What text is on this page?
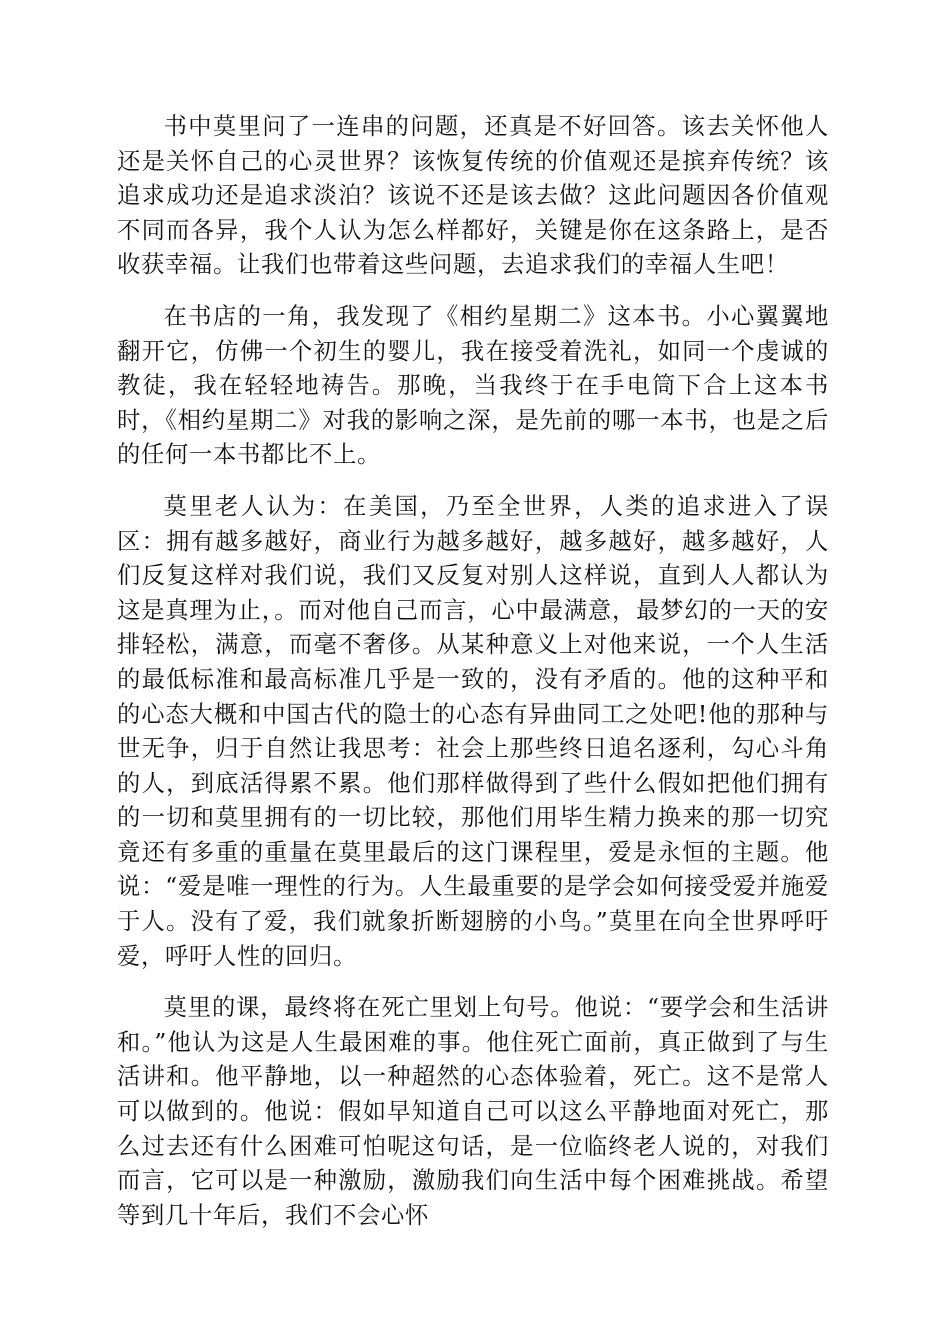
书中莫里问了一连串的问题，还真是不好回答。该去关怀他人还是关怀自己的心灵世界？该恢复传统的价值观还是摈弃传统？该追求成功还是追求淡泊？该说不还是该去做？这此问题因各价值观不同而各异，我个人认为怎么样都好，关键是你在这条路上，是否收获幸福。让我们也带着这些问题，去追求我们的幸福人生吧！

在书店的一角，我发现了《相约星期二》这本书。小心翼翼地翻开它，仿佛一个初生的婴儿，我在接受着洗礼，如同一个虔诚的教徒，我在轻轻地祷告。那晚，当我终于在手电筒下合上这本书时，《相约星期二》对我的影响之深，是先前的哪一本书，也是之后的任何一本书都比不上。

莫里老人认为：在美国，乃至全世界，人类的追求进入了误区：拥有越多越好，商业行为越多越好，越多越好，越多越好，人们反复这样对我们说，我们又反复对别人这样说，直到人人都认为这是真理为止，。而对他自己而言，心中最满意，最梦幻的一天的安排轻松，满意，而毫不奢侈。从某种意义上对他来说，一个人生活的最低标准和最高标准几乎是一致的，没有矛盾的。他的这种平和的心态大概和中国古代的隐士的心态有异曲同工之处吧!他的那种与世无争，归于自然让我思考：社会上那些终日追名逐利，勾心斗角的人，到底活得累不累。他们那样做得到了些什么假如把他们拥有的一切和莫里拥有的一切比较，那他们用毕生精力换来的那一切究竟还有多重的重量在莫里最后的这门课程里，爱是永恒的主题。他说：“爱是唯一理性的行为。人生最重要的是学会如何接受爱并施爱于人。没有了爱，我们就象折断翅膀的小鸟。”莫里在向全世界呼吁爱，呼吁人性的回归。

莫里的课，最终将在死亡里划上句号。他说：“要学会和生活讲和。”他认为这是人生最困难的事。他住死亡面前，真正做到了与生活讲和。他平静地，以一种超然的心态体验着，死亡。这不是常人可以做到的。他说：假如早知道自己可以这么平静地面对死亡，那么过去还有什么困难可怕呢这句话，是一位临终老人说的，对我们而言，它可以是一种激励，激励我们向生活中每个困难挑战。希望等到几十年后，我们不会心怀
